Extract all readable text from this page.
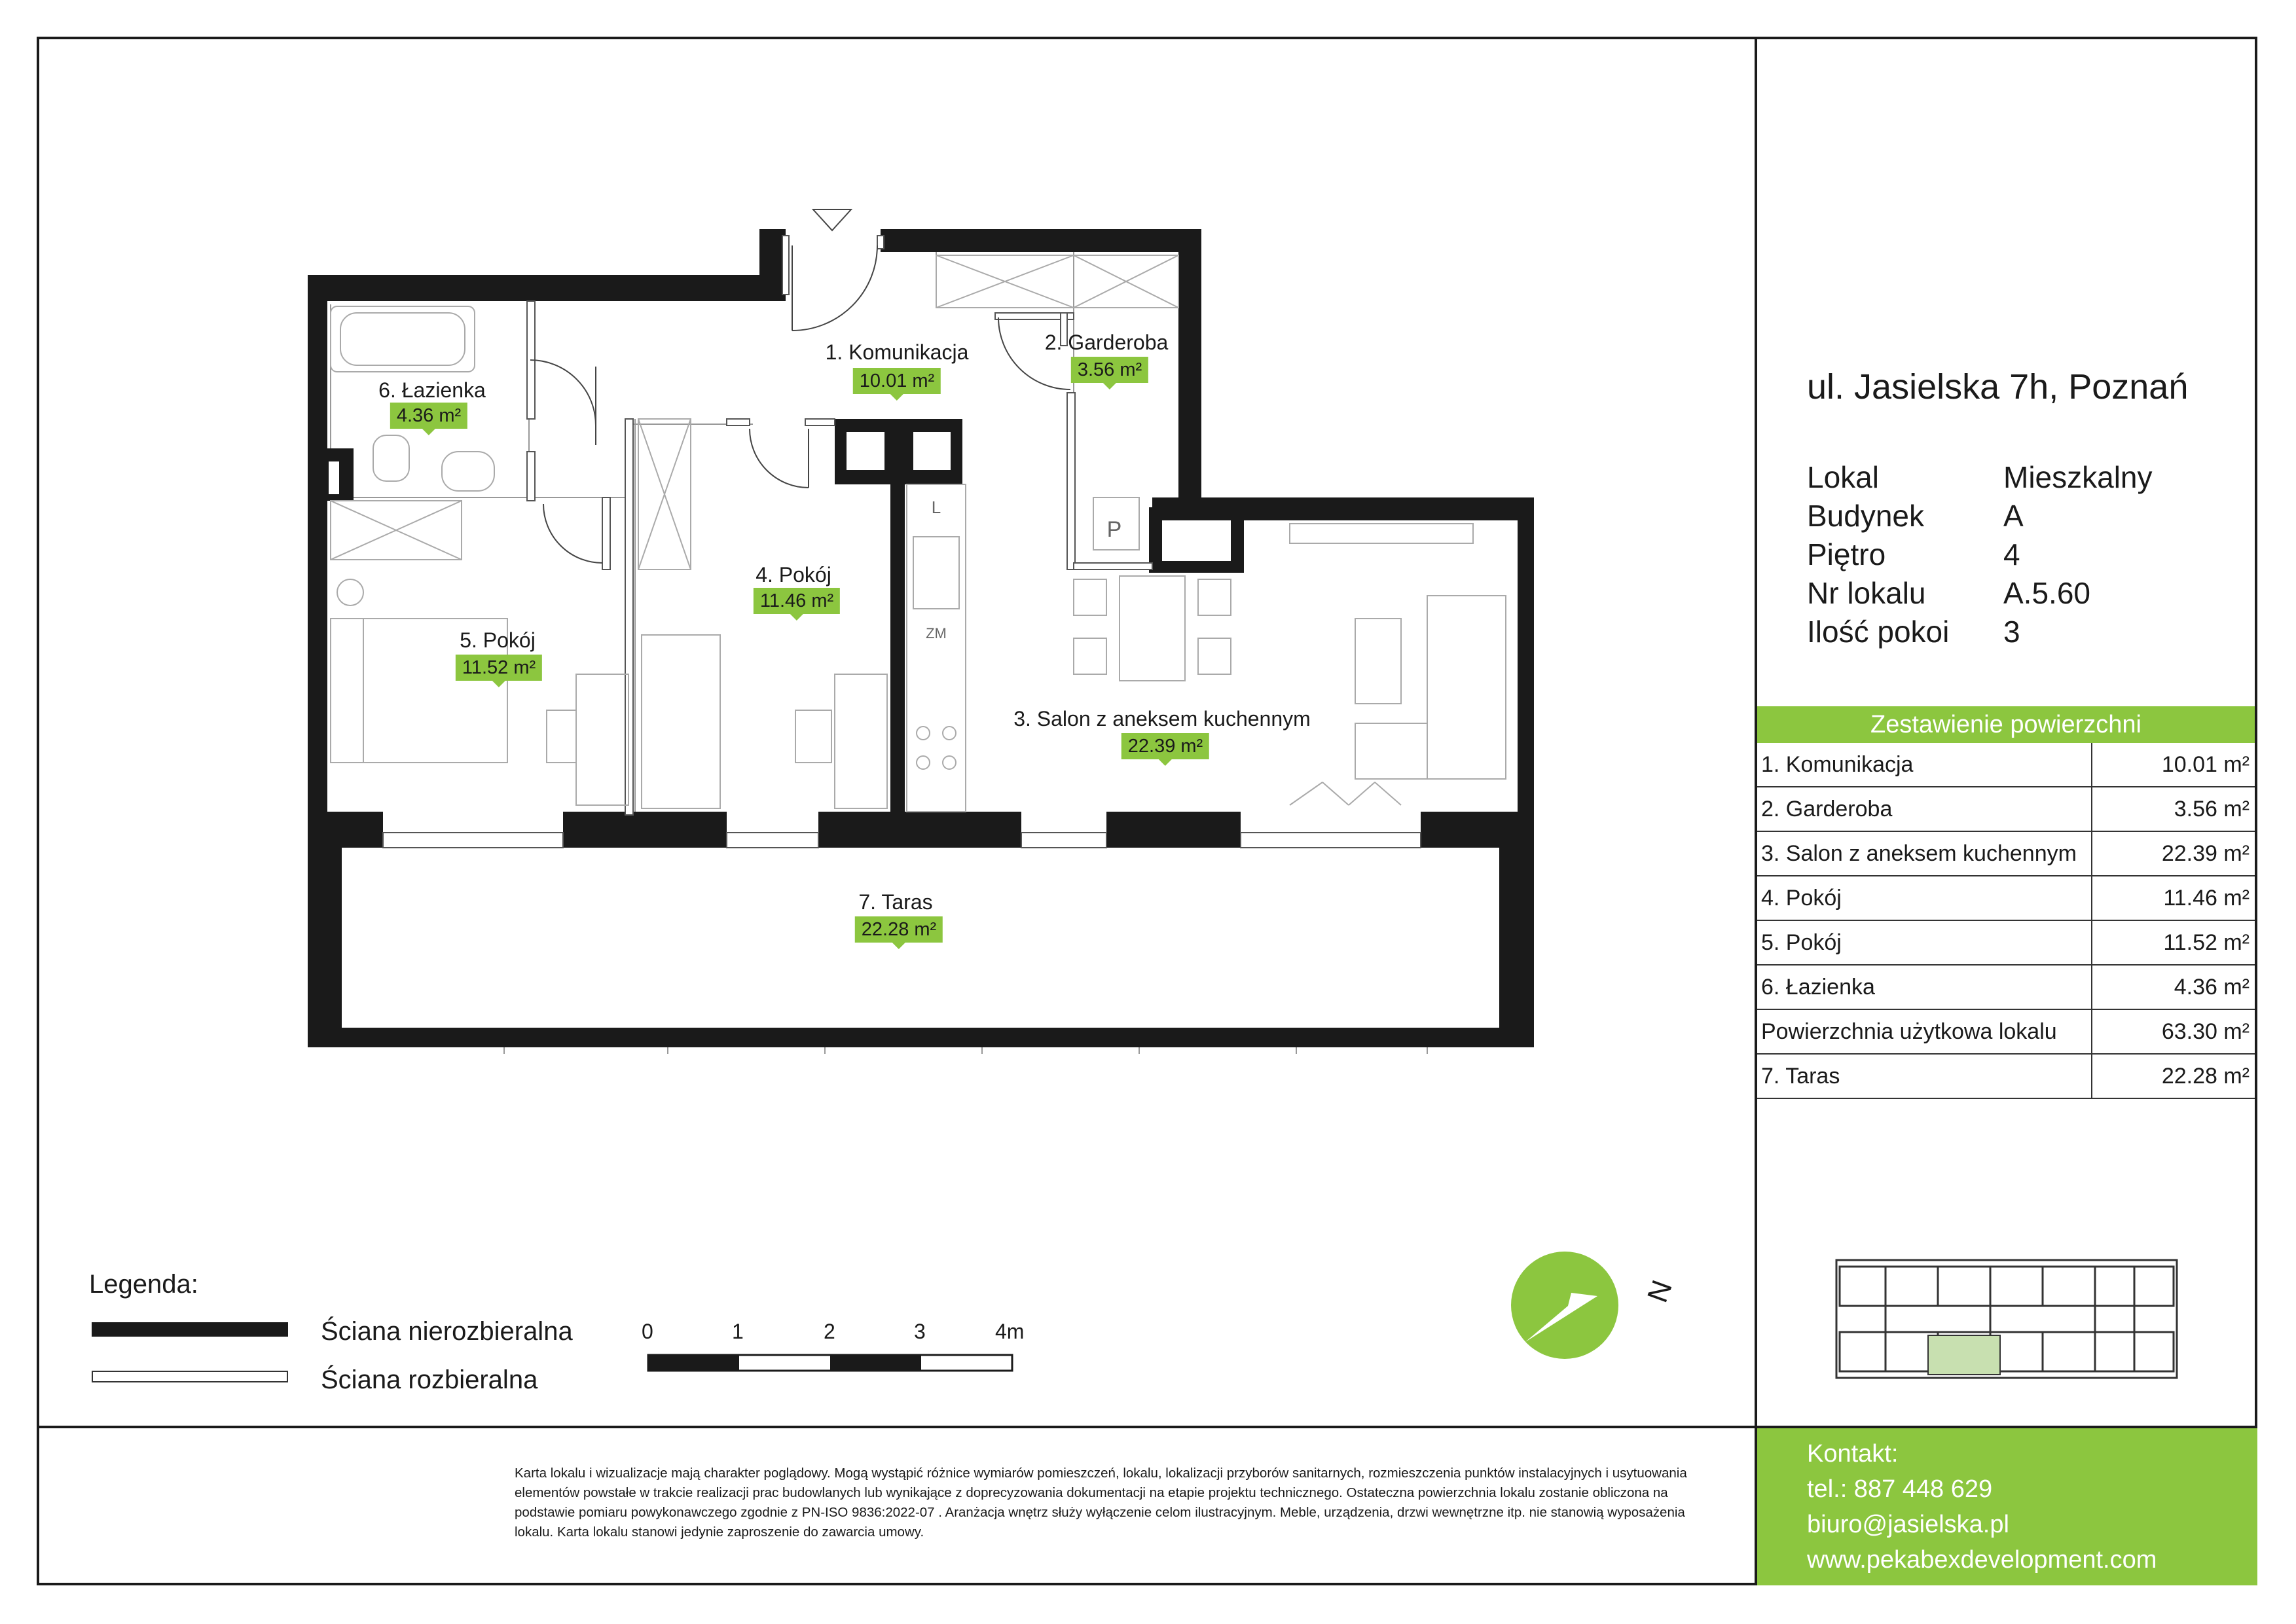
P
L
ZM
1. Komunikacja
10.01 m²
2. Garderoba
3.56 m²
3. Salon z aneksem kuchennym
22.39 m²
4. Pokój
11.46 m²
5. Pokój
11.52 m²
6. Łazienka
4.36 m²
7. Taras
22.28 m²
N
ul. Jasielska 7h, Poznań
Lokal	Mieszkalny
Budynek	A
Piętro	4
Nr lokalu	A.5.60
Ilość pokoi	3
Zestawienie powierzchni
1. Komunikacja	10.01 m²
2. Garderoba	3.56 m²
3. Salon z aneksem kuchennym	22.39 m²
4. Pokój	11.46 m²
5. Pokój	11.52 m²
6. Łazienka	4.36 m²
Powierzchnia użytkowa lokalu	63.30 m²
7. Taras	22.28 m²
Legenda:
Ściana nierozbieralna
Ściana rozbieralna
0	1	2	3	4m
Karta lokalu i wizualizacje mają charakter poglądowy. Mogą wystąpić różnice wymiarów pomieszczeń, lokalu, lokalizacji przyborów sanitarnych, rozmieszczenia punktów instalacyjnych i usytuowania elementów powstałe w trakcie realizacji prac budowlanych lub wynikające z doprecyzowania dokumentacji na etapie projektu technicznego. Ostateczna powierzchnia lokalu zostanie obliczona na podstawie pomiaru powykonawczego zgodnie z PN-ISO 9836:2022-07 . Aranżacja wnętrz służy wyłączenie celom ilustracyjnym. Meble, urządzenia, drzwi wewnętrzne itp. nie stanowią wyposażenia lokalu. Karta lokalu stanowi jedynie zaproszenie do zawarcia umowy.
Kontakt:
tel.: 887 448 629
biuro@jasielska.pl
www.pekabexdevelopment.com
